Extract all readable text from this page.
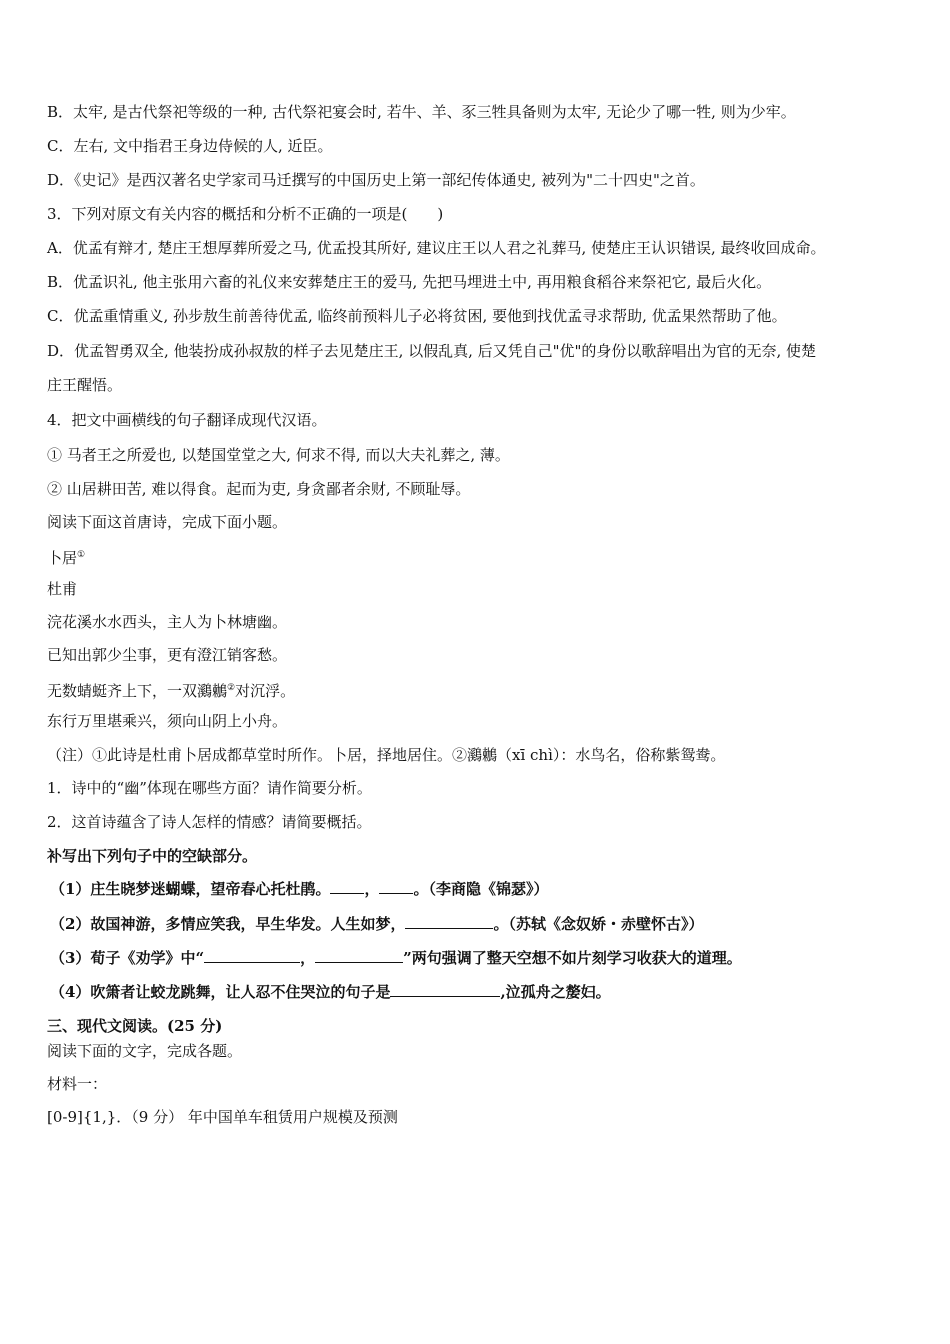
B．太牢, 是古代祭祀等级的一种, 古代祭祀宴会时, 若牛、羊、豕三牲具备则为太牢, 无论少了哪一牲, 则为少牢。
C．左右, 文中指君王身边侍候的人, 近臣。
D．《史记》是西汉著名史学家司马迁撰写的中国历史上第一部纪传体通史, 被列为"二十四史"之首。
3．下列对原文有关内容的概括和分析不正确的一项是(　　)
A．优孟有辩才, 楚庄王想厚葬所爱之马, 优孟投其所好, 建议庄王以人君之礼葬马, 使楚庄王认识错误, 最终收回成命。
B．优孟识礼, 他主张用六畜的礼仪来安葬楚庄王的爱马, 先把马埋进土中, 再用粮食稻谷来祭祀它, 最后火化。
C．优孟重情重义, 孙步敖生前善待优孟, 临终前预料儿子必将贫困, 要他到找优孟寻求帮助, 优孟果然帮助了他。
D．优孟智勇双全, 他装扮成孙叔敖的样子去见楚庄王, 以假乱真, 后又凭自己"优"的身份以歌辞唱出为官的无奈, 使楚
庄王醒悟。
4．把文中画横线的句子翻译成现代汉语。
① 马者王之所爱也, 以楚国堂堂之大, 何求不得, 而以大夫礼葬之, 薄。
② 山居耕田苦, 难以得食。起而为吏, 身贪鄙者余财, 不顾耻辱。
阅读下面这首唐诗，完成下面小题。
卜居①
杜甫
浣花溪水水西头，主人为卜林塘幽。
已知出郭少尘事，更有澄江销客愁。
无数蜻蜓齐上下，一双鸂鶒②对沉浮。
东行万里堪乘兴，须向山阴上小舟。
（注）①此诗是杜甫卜居成都草堂时所作。卜居，择地居住。②鸂鶒（xī chì）：水鸟名，俗称紫鸳鸯。
1．诗中的“幽”体现在哪些方面？请作简要分析。
2．这首诗蕴含了诗人怎样的情感？请简要概括。
补写出下列句子中的空缺部分。
（1）庄生晓梦迷蝴蝶，望帝春心托杜鹃。 ， 。（李商隐《锦瑟》）
（2）故国神游，多情应笑我，早生华发。人生如梦，	。（苏轼《念奴娇・赤壁怀古》）
（3）荀子《劝学》中“	，	”两句强调了整天空想不如片刻学习收获大的道理。
（4）吹箫者让蛟龙跳舞，让人忍不住哭泣的句子是	,泣孤舟之嫠妇。
三、现代文阅读。(25 分)
阅读下面的文字，完成各题。
材料一：
[0-9]{1,}．（9 分） 年中国单车租赁用户规模及预测
